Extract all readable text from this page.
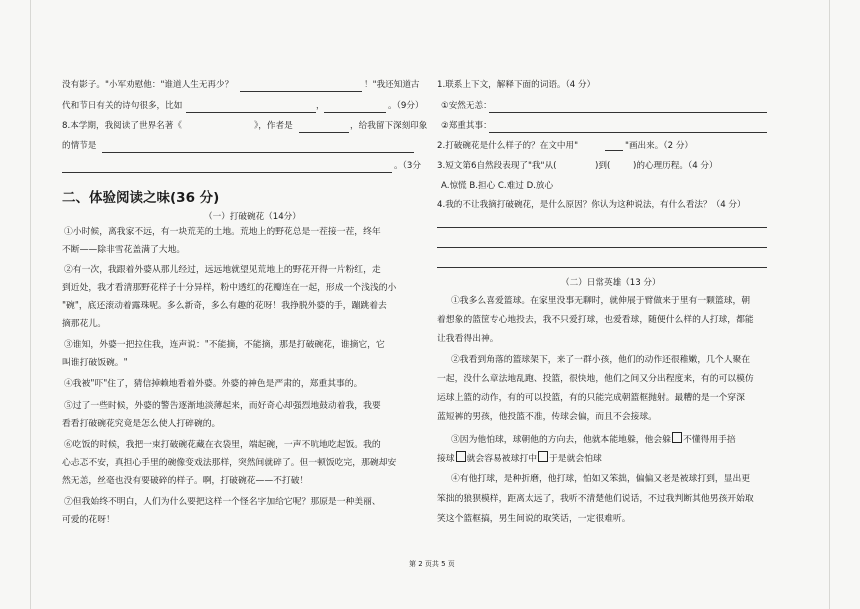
没有影子。"小军劝慰他："谁道人生无再少？	！"我还知道古
代和节日有关的诗句很多，比如	，	。（9分）
8.本学期，我阅读了世界名著《	》，作者是	，给我留下深刻印象
的情节是
。（3分
二、体验阅读之味(36 分)
（一）打破碗花（14分）
①小时候，离我家不远，有一块荒芜的土地。荒地上的野花总是一茬接一茬，终年
不断——除非雪花盖满了大地。
②有一次，我跟着外婆从那儿经过，远远地就望见荒地上的野花开得一片粉红，走
到近处，我才看清那野花样子十分异样，粉中透红的花瓣连在一起，形成一个浅浅的小
"碗"，底还滚动着露珠呢。多么新奇，多么有趣的花呀！我挣脱外婆的手，蹦跳着去
摘那花儿。
③谁知，外婆一把拉住我，连声说："不能摘，不能摘，那是打破碗花，谁摘它，它
叫谁打破饭碗。"
④我被"吓"住了，猜信掉赖地看着外婆。外婆的神色是严肃的，郑重其事的。
⑤过了一些时候，外婆的警告逐渐地淡薄起来，而好奇心却强烈地鼓动着我，我要
看看打破碗花究竟是怎么使人打碎碗的。
⑥吃饭的时候，我把一束打破碗花藏在衣袋里，端起碗，一声不吭地吃起饭。我的
心忐忑不安，真担心手里的碗像变戏法那样，突然间就碎了。但一顿饭吃完，那碗却安
然无恙，丝毫也没有要破碎的样子。啊，打破碗花——不打破！
⑦但我始终不明白，人们为什么要把这样一个怪名字加给它呢？那原是一种美丽、
可爱的花呀！
1.联系上下文，解释下面的词语。（4 分）
①安然无恙：
②郑重其事：
2.打破碗花是什么样子的？在文中用"	"画出来。（2 分）
3.短文第6自然段表现了"我"从(	)到(	)的心理历程。（4 分）
A.惊慌 B.担心 C.难过 D.放心
4.我的不让我摘打破碗花，是什么原因？你认为这种说法，有什么看法？（4 分）
（二）日常英雄（13 分）
①我多么喜爱篮球。在家里没事无聊时，就伸展于臂做来于里有一颗篮球，朝
着想象的篮筐专心地投去，我不只爱打球，也爱看球，随便什么样的人打球，都能
让我看得出神。
②我看到角落的篮球架下，来了一群小孩，他们的动作还很稚嫩，几个人聚在
一起，没什么章法地乱跑、投篮，很快地，他们之间又分出程度来，有的可以模仿
运球上篮的动作，有的可以投篮，有的只能完成朝篮框抛射。最糟的是一个穿深
蓝短裤的男孩，他投篮不准，传球会偏，而且不会接球。
③因为他怕球，球朝他的方向去，他就本能地躲，他会躲 不懂得用手掊
接球 就会容易被球打中 于是就会怕球
④有他打球，是种折磨，他打球，怕如又笨拙，偏偏又老是被球打到，显出更
笨拙的狼狈模样，距离太远了，我听不清楚他们说话，不过我判断其他男孩开始取
笑这个篮框搞，男生间说的取笑话，一定很难听。
第 2 页共 5 页
